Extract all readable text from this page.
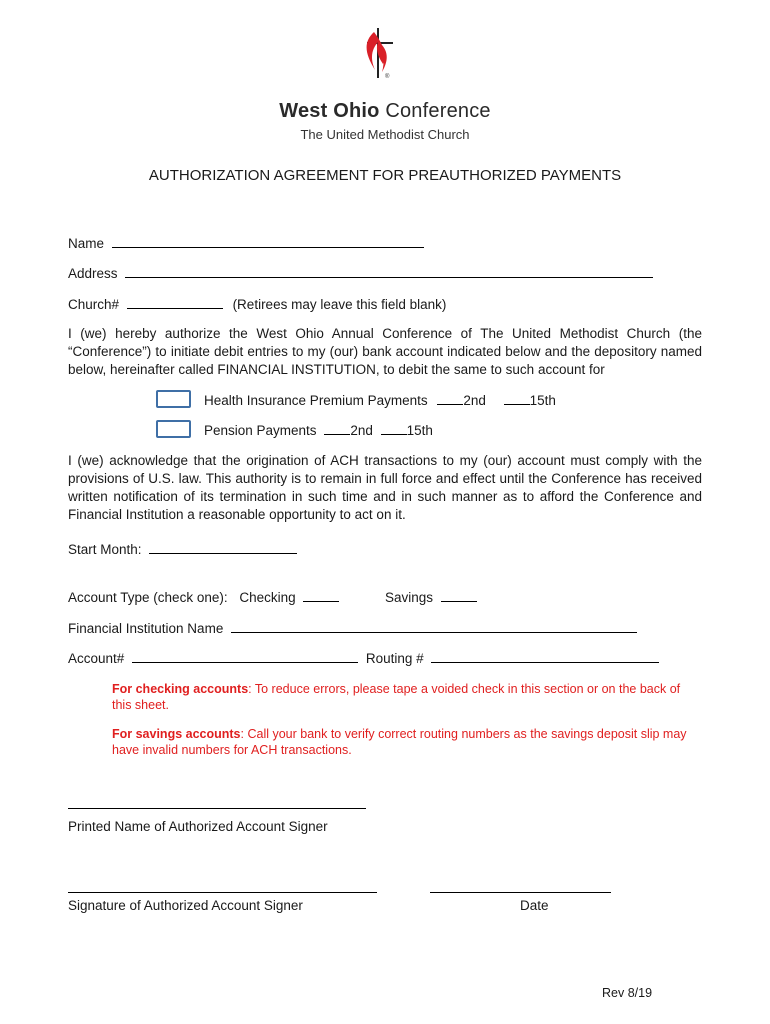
®
West Ohio Conference
The United Methodist Church
AUTHORIZATION AGREEMENT FOR PREAUTHORIZED PAYMENTS
Name
Address
Church#	(Retirees may leave this field blank)
I (we) hereby authorize the West Ohio Annual Conference of The United Methodist Church (the “Conference”) to initiate debit entries to my (our) bank account indicated below and the depository named below, hereinafter called FINANCIAL INSTITUTION, to debit the same to such account for
Health Insurance Premium Payments	2nd	15th
Pension Payments	2nd	15th
I (we) acknowledge that the origination of ACH transactions to my (our) account must comply with the provisions of U.S. law. This authority is to remain in full force and effect until the Conference has received written notification of its termination in such time and in such manner as to afford the Conference and Financial Institution a reasonable opportunity to act on it.
Start Month:
Account Type (check one): Checking	Savings
Financial Institution Name
Account#	Routing #
For checking accounts: To reduce errors, please tape a voided check in this section or on the back of this sheet.
For savings accounts: Call your bank to verify correct routing numbers as the savings deposit slip may have invalid numbers for ACH transactions.
Printed Name of Authorized Account Signer
Signature of Authorized Account Signer	Date
Rev 8/19
